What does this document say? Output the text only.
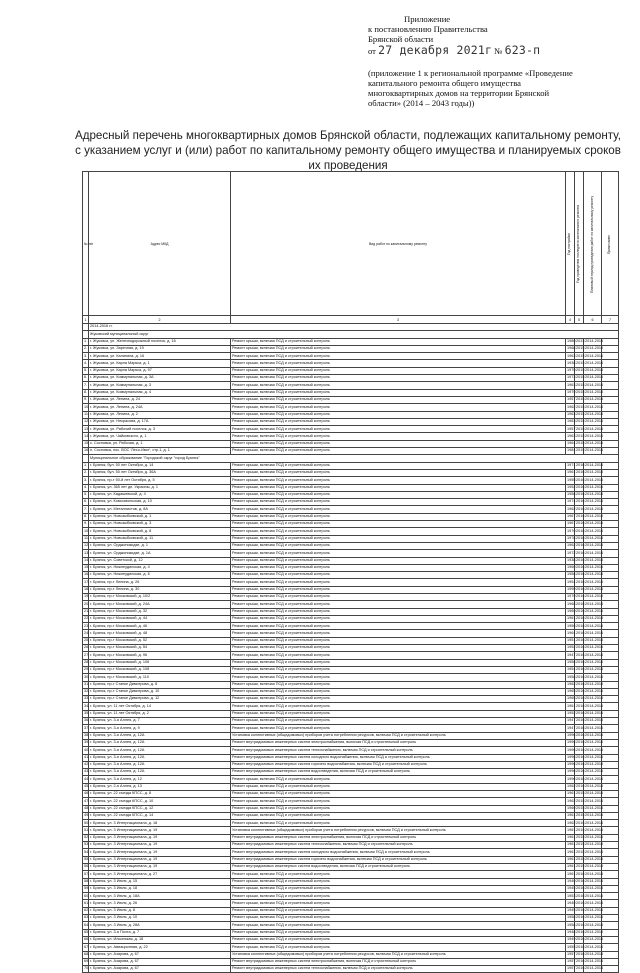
Приложение
к постановлению Правительства
Брянской области
от 27 декабря 2021г № 623-п
(приложение 1 к региональной программе «Проведение капитального ремонта общего имущества многоквартирных домов на территории Брянской области» (2014 – 2043 годы))
Адресный перечень многоквартирных домов Брянской области, подлежащих капитальному ремонту, с указанием услуг и (или) работ по капитальному ремонту общего имущества и планируемых сроков их проведения
№ п/п	Адрес МКД	Вид работ по капитальному ремонту	Год постройки	Год проведения последнего капитального ремонта	Плановый период проведения работ по капитальному ремонту	Примечание

1	2	3	4	5	6	7
	2014-2016 гг.					
	Жуковский муниципальный округ					
1.	г. Жуковка, ул. Железнодорожный поселок, д. 16	Ремонт крыши, включая ПСД и строительный контроль	1980	2013	2014-2016	
2.	г. Жуковка, ул. Заречная, д. 19	Ремонт крыши, включая ПСД и строительный контроль	1968	2015	2014-2016	
3.	г. Жуковка, ул. Калинина, д. 16	Ремонт крыши, включая ПСД и строительный контроль	1963	2015	2014-2016	
4.	г. Жуковка, ул. Карла Маркса, д. 1	Ремонт крыши, включая ПСД и строительный контроль	1938	2015	2014-2016	
5.	г. Жуковка, ул. Карла Маркса, д. 97	Ремонт крыши, включая ПСД и строительный контроль	1970	2015	2014-2016	
6.	г. Жуковка, ул. Коммунальная, д. 3А	Ремонт крыши, включая ПСД и строительный контроль	1973	2015	2014-2016	
7.	г. Жуковка, ул. Коммунальная, д. 3	Ремонт крыши, включая ПСД и строительный контроль	1963	2015	2014-2016	
8.	г. Жуковка, ул. Коммунальная, д. 4	Ремонт крыши, включая ПСД и строительный контроль	1970	2015	2014-2016	
9.	г. Жуковка, ул. Ленина, д. 24	Ремонт крыши, включая ПСД и строительный контроль	1957	2015	2014-2016	
10.	г. Жуковка, ул. Ленина, д. 24А	Ремонт крыши, включая ПСД и строительный контроль	1962	2015	2014-2016	
11.	г. Жуковка, ул. Ленина, д. 2	Ремонт крыши, включая ПСД и строительный контроль	1963	2015	2014-2016	
12.	г. Жуковка, ул. Некрасова, д. 17А	Ремонт крыши, включая ПСД и строительный контроль	1963	2015	2014-2016	
13.	г. Жуковка, ул. Рабочий поселок, д. 3	Ремонт крыши, включая ПСД и строительный контроль	1957	2015	2014-2016	
14.	г. Жуковка, ул. Чайковского, д. 1	Ремонт крыши, включая ПСД и строительный контроль	1963	2015	2014-2016	
15.	с. Сосновка, ул. Рабочая, д. 1	Ремонт крыши, включая ПСД и строительный контроль	1964	2015	2014-2016	
16.	п. Сосновка, пос. ВОС 'Лесо-Ивот', стр.1, д. 1	Ремонт крыши, включая ПСД и строительный контроль	1984	2015	2014-2016	
	Муниципальное образование "Городской округ "город Брянск"					
1.	г. Брянск, бул. 50 лет Октября, д. 14	Ремонт крыши, включая ПСД и строительный контроль	1971	2016	2014-2016	
2.	г. Брянск, бул. 50 лет Октября, д. 36А	Ремонт крыши, включая ПСД и строительный контроль	1961	2016	2014-2016	
3.	г. Брянск, пр-т 50-й лет Октября, д. 5	Ремонт крыши, включая ПСД и строительный контроль	1955	2016	2014-2016	
4.	г. Брянск, ул. 365 лет дн. Украины, д. 1	Ремонт крыши, включая ПСД и строительный контроль	1952	2016	2014-2016	
5.	г. Брянск, ул. Кадашевской, д. 4	Ремонт крыши, включая ПСД и строительный контроль	1958	2016	2014-2016	
6.	г. Брянск, ул. Комсомольская, д. 10	Ремонт крыши, включая ПСД и строительный контроль	1974	2016	2014-2016	
7.	г. Брянск, ул. Металлистов, д. 8А	Ремонт крыши, включая ПСД и строительный контроль	1962	2016	2014-2016	
8.	г. Брянск, ул. Новозыбковский, д. 1	Ремонт крыши, включая ПСД и строительный контроль	1967	2016	2014-2016	
9.	г. Брянск, ул. Новозыбковский, д. 3	Ремонт крыши, включая ПСД и строительный контроль	1967	2016	2014-2016	
10.	г. Брянск, ул. Новозыбковский, д. 8	Ремонт крыши, включая ПСД и строительный контроль	1970	2016	2014-2016	
11.	г. Брянск, ул. Новозыбковский, д. 11	Ремонт крыши, включая ПСД и строительный контроль	1978	2016	2014-2016	
12.	г. Брянск, ул. Орджоникидзе, д. 1	Ремонт крыши, включая ПСД и строительный контроль	1962	2016	2014-2016	
13.	г. Брянск, ул. Орджоникидзе, д. 1А	Ремонт крыши, включая ПСД и строительный контроль	1972	2016	2014-2016	
14.	г. Брянск, ул. Советской, д. 12	Ремонт крыши, включая ПСД и строительный контроль	1938	2016	2014-2016	
15.	г. Брянск, ул. Нижнеудинская, д. 4	Ремонт крыши, включая ПСД и строительный контроль	1960	2016	2014-2016	
16.	г. Брянск, ул. Нижнеудинская, д. 6	Ремонт крыши, включая ПСД и строительный контроль	1958	2016	2014-2016	
17.	г. Брянск, пр-т Ленина, д. 26	Ремонт крыши, включая ПСД и строительный контроль	1954	2016	2014-2016	
18.	г. Брянск, пр-т Ленина, д. 30	Ремонт крыши, включая ПСД и строительный контроль	1990	2016	2014-2016	
19.	г. Брянск, пр-т Московский, д. 10/2	Ремонт крыши, включая ПСД и строительный контроль	1970	2016	2014-2016	
20.	г. Брянск, пр-т Московский, д. 24А	Ремонт крыши, включая ПСД и строительный контроль	1968	2016	2014-2016	
21.	г. Брянск, пр-т Московский, д. 32	Ремонт крыши, включая ПСД и строительный контроль	1960	2016	2014-2016	
22.	г. Брянск, пр-т Московский, д. 44	Ремонт крыши, включая ПСД и строительный контроль	1961	2016	2014-2016	
23.	г. Брянск, пр-т Московский, д. 46	Ремонт крыши, включая ПСД и строительный контроль	1956	2016	2014-2016	
24.	г. Брянск, пр-т Московский, д. 48	Ремонт крыши, включая ПСД и строительный контроль	1964	2016	2014-2016	
25.	г. Брянск, пр-т Московский, д. 52	Ремонт крыши, включая ПСД и строительный контроль	1951	2016	2014-2016	
26.	г. Брянск, пр-т Московский, д. 54	Ремонт крыши, включая ПСД и строительный контроль	1952	2016	2014-2016	
27.	г. Брянск, пр-т Московский, д. 96	Ремонт крыши, включая ПСД и строительный контроль	1947	2016	2014-2016	
28.	г. Брянск, пр-т Московский, д. 106	Ремонт крыши, включая ПСД и строительный контроль	1958	2016	2014-2016	
29.	г. Брянск, пр-т Московский, д. 108	Ремонт крыши, включая ПСД и строительный контроль	1954	2016	2014-2016	
30.	г. Брянск, пр-т Московский, д. 110	Ремонт крыши, включая ПСД и строительный контроль	1958	2016	2014-2016	
31.	г. Брянск, пр-т Станке Димитрова, д. 8	Ремонт крыши, включая ПСД и строительный контроль	1962	2016	2014-2016	
32.	г. Брянск, пр-т Станке Димитрова, д. 10	Ремонт крыши, включая ПСД и строительный контроль	1965	2016	2014-2016	
33.	г. Брянск, пр-т Станке Димитрова, д. 12	Ремонт крыши, включая ПСД и строительный контроль	1965	2016	2014-2016	
34.	г. Брянск, ул. 11 лет Октября, д. 14	Ремонт крыши, включая ПСД и строительный контроль	1961	2016	2014-2016	
35.	г. Брянск, ул. 11 лет Октября, д. 2	Ремонт крыши, включая ПСД и строительный контроль	1952	2016	2014-2016	
36.	г. Брянск, ул. 3-я Аллея, д. 7	Ремонт крыши, включая ПСД и строительный контроль	1947	2016	2014-2016	
37.	г. Брянск, ул. 3-я Аллея, д. 9	Ремонт крыши, включая ПСД и строительный контроль	1947	2016	2014-2016	
38.	г. Брянск, ул. 3-я Аллея, д. 12А	Установка коллективных (общедомовых) приборов учета потребления ресурсов, включая ПСД и строительный контроль	1996	2016	2014-2016	
39.	г. Брянск, ул. 3-я Аллея, д. 12А	Ремонт внутридомовых инженерных систем электроснабжения, включая ПСД и строительный контроль	1996	2016	2014-2016	
40.	г. Брянск, ул. 3-я Аллея, д. 12А	Ремонт внутридомовых инженерных систем теплоснабжения, включая ПСД и строительный контроль	1996	2016	2014-2016	
41.	г. Брянск, ул. 3-я Аллея, д. 12А	Ремонт внутридомовых инженерных систем холодного водоснабжения, включая ПСД и строительный контроль	1996	2016	2014-2016	
42.	г. Брянск, ул. 3-я Аллея, д. 12А	Ремонт внутридомовых инженерных систем горячего водоснабжения, включая ПСД и строительный контроль	1996	2016	2014-2016	
43.	г. Брянск, ул. 3-я Аллея, д. 12А	Ремонт внутридомовых инженерных систем водоотведения, включая ПСД и строительный контроль	1996	2016	2014-2016	
44.	г. Брянск, ул. 3-я Аллея, д. 12	Ремонт крыши, включая ПСД и строительный контроль	1996	2016	2014-2016	
45.	г. Брянск, ул. 2-я Аллея, д. 13	Ремонт крыши, включая ПСД и строительный контроль	1962	2016	2014-2016	
46.	г. Брянск, ул. 22 съезда КПСС, д. 8	Ремонт крыши, включая ПСД и строительный контроль	1961	2015	2014-2016	
47.	г. Брянск, ул. 22 съезда КПСС, д. 10	Ремонт крыши, включая ПСД и строительный контроль	1962	2015	2014-2016	
48.	г. Брянск, ул. 22 съезда КПСС, д. 12	Ремонт крыши, включая ПСД и строительный контроль	1960	2015	2014-2016	
49.	г. Брянск, ул. 22 съезда КПСС, д. 14	Ремонт крыши, включая ПСД и строительный контроль	1961	2015	2014-2016	
50.	г. Брянск, ул. 3 Интернационала, д. 18	Ремонт крыши, включая ПСД и строительный контроль	1962	2016	2014-2016	
51.	г. Брянск, ул. 3 Интернационала, д. 19	Установка коллективных (общедомовых) приборов учета потребления ресурсов, включая ПСД и строительный контроль	1961	2015	2014-2016	
52.	г. Брянск, ул. 3 Интернационала, д. 19	Ремонт внутридомовых инженерных систем электроснабжения, включая ПСД и строительный контроль	1961	2015	2014-2016	
53.	г. Брянск, ул. 3 Интернационала, д. 19	Ремонт внутридомовых инженерных систем теплоснабжения, включая ПСД и строительный контроль	1961	2015	2014-2016	
54.	г. Брянск, ул. 3 Интернационала, д. 19	Ремонт внутридомовых инженерных систем холодного водоснабжения, включая ПСД и строительный контроль	1961	2015	2014-2016	
55.	г. Брянск, ул. 3 Интернационала, д. 19	Ремонт внутридомовых инженерных систем горячего водоснабжения, включая ПСД и строительный контроль	1961	2015	2014-2016	
56.	г. Брянск, ул. 3 Интернационала, д. 19	Ремонт внутридомовых инженерных систем водоотведения, включая ПСД и строительный контроль	1961	2015	2014-2016	
57.	г. Брянск, ул. 3 Интернационала, д. 27	Ремонт крыши, включая ПСД и строительный контроль	1961	2016	2014-2016	
58.	г. Брянск, ул. 3 Июля, д. 15	Ремонт крыши, включая ПСД и строительный контроль	1940	2016	2014-2016	
59.	г. Брянск, ул. 3 Июля, д. 18	Ремонт крыши, включая ПСД и строительный контроль	1945	2016	2014-2016	
60.	г. Брянск, ул. 3 Июля, д. 18А	Ремонт крыши, включая ПСД и строительный контроль	1953	2016	2014-2016	
61.	г. Брянск, ул. 3 Июля, д. 26	Ремонт крыши, включая ПСД и строительный контроль	1940	2016	2014-2016	
62.	г. Брянск, ул. 3 Июля, д. 8	Ремонт крыши, включая ПСД и строительный контроль	1945	2016	2014-2016	
63.	г. Брянск, ул. 3 Июля, д. 10	Ремонт крыши, включая ПСД и строительный контроль	1958	2016	2014-2016	
64.	г. Брянск, ул. 3 Июля, д. 28А	Ремонт крыши, включая ПСД и строительный контроль	1958	2016	2014-2016	
65.	г. Брянск, ул. 3-я Почта, д. 7	Ремонт крыши, включая ПСД и строительный контроль	1948	2016	2014-2016	
66.	г. Брянск, ул. Ильинская, д. 18	Ремонт крыши, включая ПСД и строительный контроль	1949	2016	2014-2016	
67.	г. Брянск, ул. Авиационная, д. 22	Ремонт крыши, включая ПСД и строительный контроль	1955	2016	2014-2016	
68.	г. Брянск, ул. Азарова, д. 67	Установка коллективных (общедомовых) приборов учета потребления ресурсов, включая ПСД и строительный контроль	1957	2016	2014-2016	
69.	г. Брянск, ул. Азарова, д. 67	Ремонт внутридомовых инженерных систем электроснабжения, включая ПСД и строительный контроль	1957	2016	2014-2016	
70.	г. Брянск, ул. Азарова, д. 67	Ремонт внутридомовых инженерных систем теплоснабжения, включая ПСД и строительный контроль	1957	2016	2014-2016	
